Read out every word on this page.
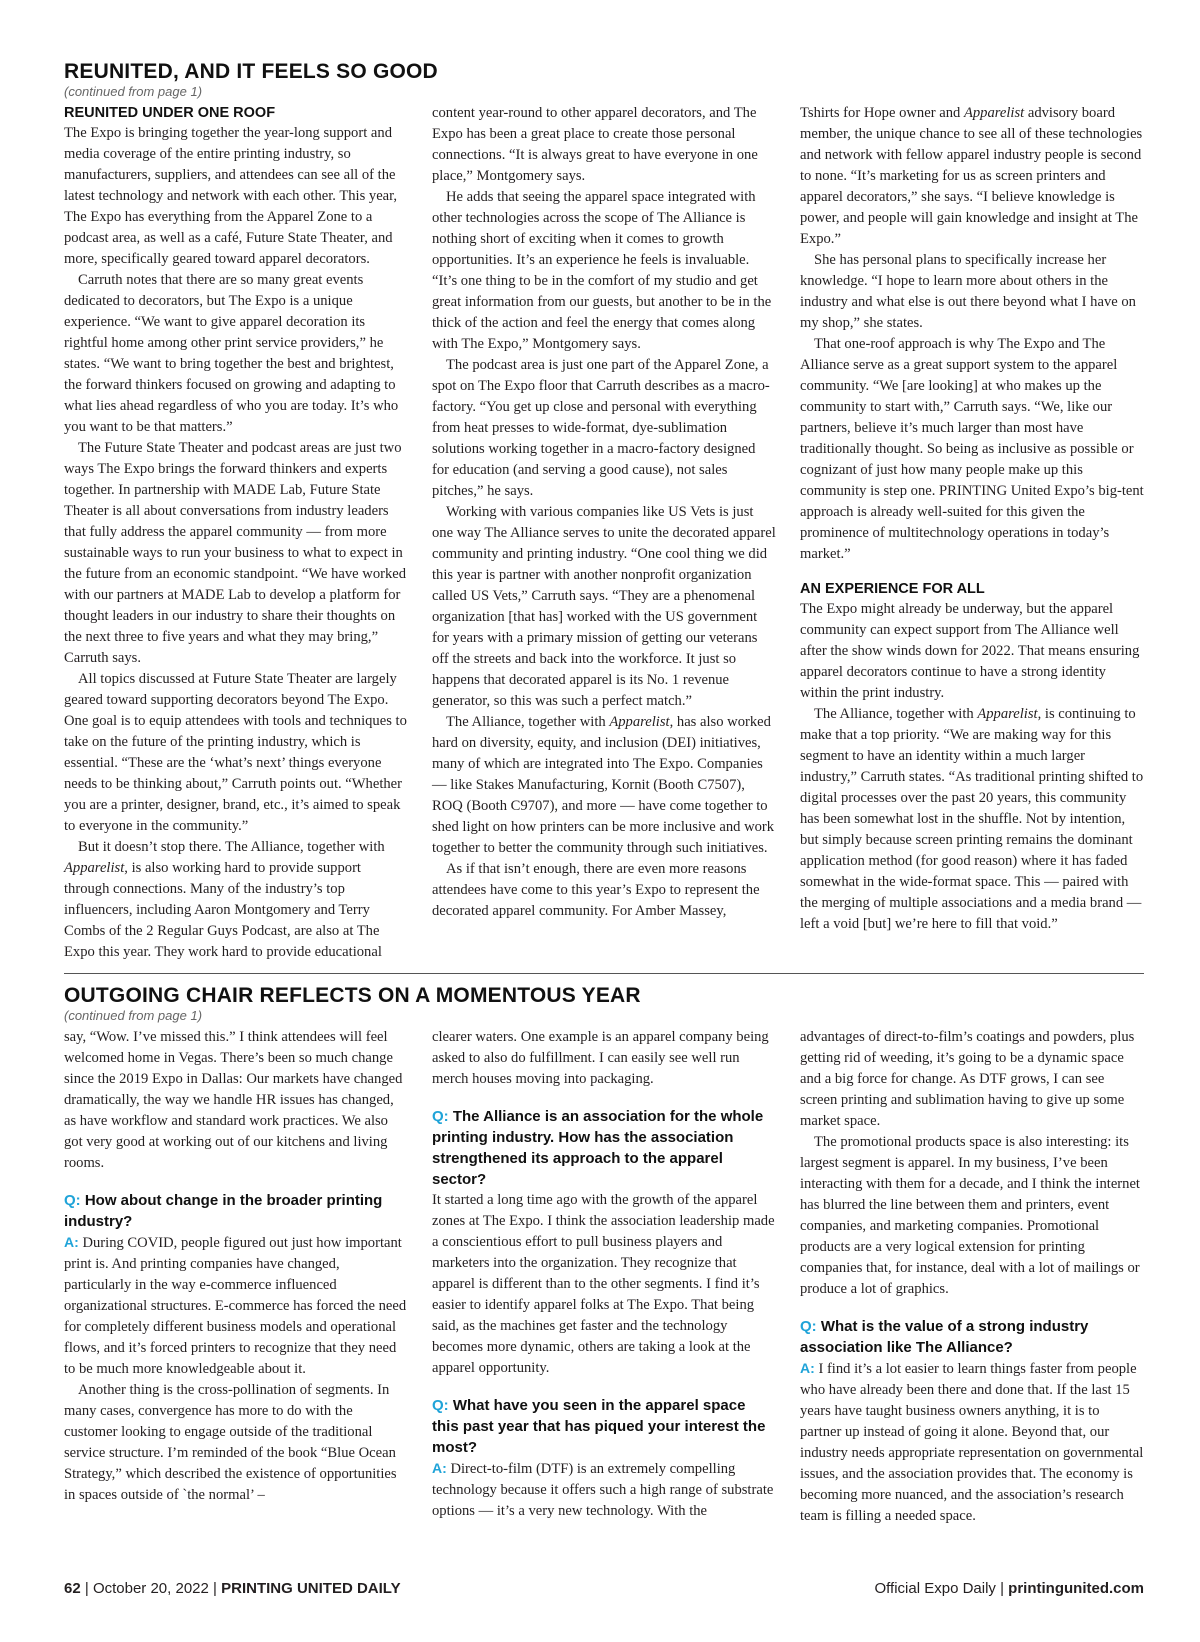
REUNITED, AND IT FEELS SO GOOD
(continued from page 1)
REUNITED UNDER ONE ROOF

The Expo is bringing together the year-long support and media coverage of the entire printing industry, so manufacturers, suppliers, and attendees can see all of the latest technology and network with each other. This year, The Expo has everything from the Apparel Zone to a podcast area, as well as a café, Future State Theater, and more, specifically geared toward apparel decorators.

Carruth notes that there are so many great events dedicated to decorators, but The Expo is a unique experience. “We want to give apparel decoration its rightful home among other print service providers,” he states. “We want to bring together the best and brightest, the forward thinkers focused on growing and adapting to what lies ahead regardless of who you are today. It’s who you want to be that matters.”

The Future State Theater and podcast areas are just two ways The Expo brings the forward thinkers and experts together. In partnership with MADE Lab, Future State Theater is all about conversations from industry leaders that fully address the apparel community — from more sustainable ways to run your business to what to expect in the future from an economic standpoint. “We have worked with our partners at MADE Lab to develop a platform for thought leaders in our industry to share their thoughts on the next three to five years and what they may bring,” Carruth says.

All topics discussed at Future State Theater are largely geared toward supporting decorators beyond The Expo. One goal is to equip attendees with tools and techniques to take on the future of the printing industry, which is essential. “These are the ‘what’s next’ things everyone needs to be thinking about,” Carruth points out. “Whether you are a printer, designer, brand, etc., it’s aimed to speak to everyone in the community.”

But it doesn’t stop there. The Alliance, together with Apparelist, is also working hard to provide support through connections. Many of the industry’s top influencers, including Aaron Montgomery and Terry Combs of the 2 Regular Guys Podcast, are also at The Expo this year. They work hard to provide educational

content year-round to other apparel decorators, and The Expo has been a great place to create those personal connections. “It is always great to have everyone in one place,” Montgomery says.

He adds that seeing the apparel space integrated with other technologies across the scope of The Alliance is nothing short of exciting when it comes to growth opportunities. It’s an experience he feels is invaluable. “It’s one thing to be in the comfort of my studio and get great information from our guests, but another to be in the thick of the action and feel the energy that comes along with The Expo,” Montgomery says.

The podcast area is just one part of the Apparel Zone, a spot on The Expo floor that Carruth describes as a macro-factory. “You get up close and personal with everything from heat presses to wide-format, dye-sublimation solutions working together in a macro-factory designed for education (and serving a good cause), not sales pitches,” he says.

Working with various companies like US Vets is just one way The Alliance serves to unite the decorated apparel community and printing industry. “One cool thing we did this year is partner with another nonprofit organization called US Vets,” Carruth says. “They are a phenomenal organization [that has] worked with the US government for years with a primary mission of getting our veterans off the streets and back into the workforce. It just so happens that decorated apparel is its No. 1 revenue generator, so this was such a perfect match.”

The Alliance, together with Apparelist, has also worked hard on diversity, equity, and inclusion (DEI) initiatives, many of which are integrated into The Expo. Companies — like Stakes Manufacturing, Kornit (Booth C7507), ROQ (Booth C9707), and more — have come together to shed light on how printers can be more inclusive and work together to better the community through such initiatives.

As if that isn’t enough, there are even more reasons attendees have come to this year’s Expo to represent the decorated apparel community. For Amber Massey,

Tshirts for Hope owner and Apparelist advisory board member, the unique chance to see all of these technologies and network with fellow apparel industry people is second to none. “It’s marketing for us as screen printers and apparel decorators,” she says. “I believe knowledge is power, and people will gain knowledge and insight at The Expo.”

She has personal plans to specifically increase her knowledge. “I hope to learn more about others in the industry and what else is out there beyond what I have on my shop,” she states.

That one-roof approach is why The Expo and The Alliance serve as a great support system to the apparel community. “We [are looking] at who makes up the community to start with,” Carruth says. “We, like our partners, believe it’s much larger than most have traditionally thought. So being as inclusive as possible or cognizant of just how many people make up this community is step one. PRINTING United Expo’s big-tent approach is already well-suited for this given the prominence of multitechnology operations in today’s market.”

AN EXPERIENCE FOR ALL

The Expo might already be underway, but the apparel community can expect support from The Alliance well after the show winds down for 2022. That means ensuring apparel decorators continue to have a strong identity within the print industry.

The Alliance, together with Apparelist, is continuing to make that a top priority. “We are making way for this segment to have an identity within a much larger industry,” Carruth states. “As traditional printing shifted to digital processes over the past 20 years, this community has been somewhat lost in the shuffle. Not by intention, but simply because screen printing remains the dominant application method (for good reason) where it has faded somewhat in the wide-format space. This — paired with the merging of multiple associations and a media brand — left a void [but] we’re here to fill that void.”

OUTGOING CHAIR REFLECTS ON A MOMENTOUS YEAR
(continued from page 1)

say, “Wow. I’ve missed this.” I think attendees will feel welcomed home in Vegas. There’s been so much change since the 2019 Expo in Dallas: Our markets have changed dramatically, the way we handle HR issues has changed, as have workflow and standard work practices. We also got very good at working out of our kitchens and living rooms.

Q: How about change in the broader printing industry?

A: During COVID, people figured out just how important print is. And printing companies have changed, particularly in the way e-commerce influenced organizational structures. E-commerce has forced the need for completely different business models and operational flows, and it’s forced printers to recognize that they need to be much more knowledgeable about it.

Another thing is the cross-pollination of segments. In many cases, convergence has more to do with the customer looking to engage outside of the traditional service structure. I’m reminded of the book “Blue Ocean Strategy,” which described the existence of opportunities in spaces outside of `the normal’ –

clearer waters. One example is an apparel company being asked to also do fulfillment. I can easily see well run merch houses moving into packaging.

Q: The Alliance is an association for the whole printing industry. How has the association strengthened its approach to the apparel sector?

It started a long time ago with the growth of the apparel zones at The Expo. I think the association leadership made a conscientious effort to pull business players and marketers into the organization. They recognize that apparel is different than to the other segments. I find it’s easier to identify apparel folks at The Expo. That being said, as the machines get faster and the technology becomes more dynamic, others are taking a look at the apparel opportunity.

Q: What have you seen in the apparel space this past year that has piqued your interest the most?

A: Direct-to-film (DTF) is an extremely compelling technology because it offers such a high range of substrate options — it’s a very new technology. With the

advantages of direct-to-film’s coatings and powders, plus getting rid of weeding, it’s going to be a dynamic space and a big force for change. As DTF grows, I can see screen printing and sublimation having to give up some market space.

The promotional products space is also interesting: its largest segment is apparel. In my business, I’ve been interacting with them for a decade, and I think the internet has blurred the line between them and printers, event companies, and marketing companies. Promotional products are a very logical extension for printing companies that, for instance, deal with a lot of mailings or produce a lot of graphics.

Q: What is the value of a strong industry association like The Alliance?

A: I find it’s a lot easier to learn things faster from people who have already been there and done that. If the last 15 years have taught business owners anything, it is to partner up instead of going it alone. Beyond that, our industry needs appropriate representation on governmental issues, and the association provides that. The economy is becoming more nuanced, and the association’s research team is filling a needed space.

62 | October 20, 2022 | PRINTING UNITED DAILY	Official Expo Daily | printingunited.com
